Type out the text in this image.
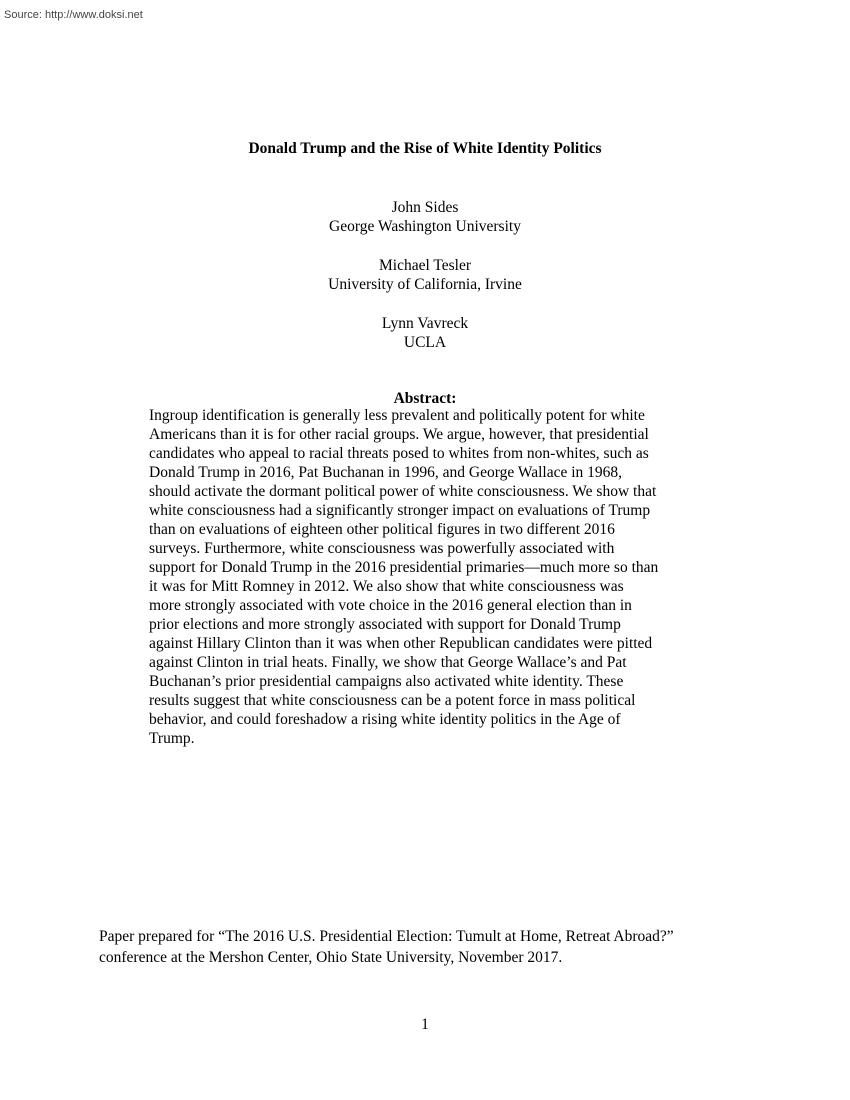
Source: http://www.doksi.net
Donald Trump and the Rise of White Identity Politics
John Sides
George Washington University
Michael Tesler
University of California, Irvine
Lynn Vavreck
UCLA
Abstract:
Ingroup identification is generally less prevalent and politically potent for white
Americans than it is for other racial groups. We argue, however, that presidential
candidates who appeal to racial threats posed to whites from non-whites, such as
Donald Trump in 2016, Pat Buchanan in 1996, and George Wallace in 1968,
should activate the dormant political power of white consciousness. We show that
white consciousness had a significantly stronger impact on evaluations of Trump
than on evaluations of eighteen other political figures in two different 2016
surveys. Furthermore, white consciousness was powerfully associated with
support for Donald Trump in the 2016 presidential primaries—much more so than
it was for Mitt Romney in 2012. We also show that white consciousness was
more strongly associated with vote choice in the 2016 general election than in
prior elections and more strongly associated with support for Donald Trump
against Hillary Clinton than it was when other Republican candidates were pitted
against Clinton in trial heats. Finally, we show that George Wallace’s and Pat
Buchanan’s prior presidential campaigns also activated white identity. These
results suggest that white consciousness can be a potent force in mass political
behavior, and could foreshadow a rising white identity politics in the Age of
Trump.
Paper prepared for “The 2016 U.S. Presidential Election: Tumult at Home, Retreat Abroad?”
conference at the Mershon Center, Ohio State University, November 2017.
1
